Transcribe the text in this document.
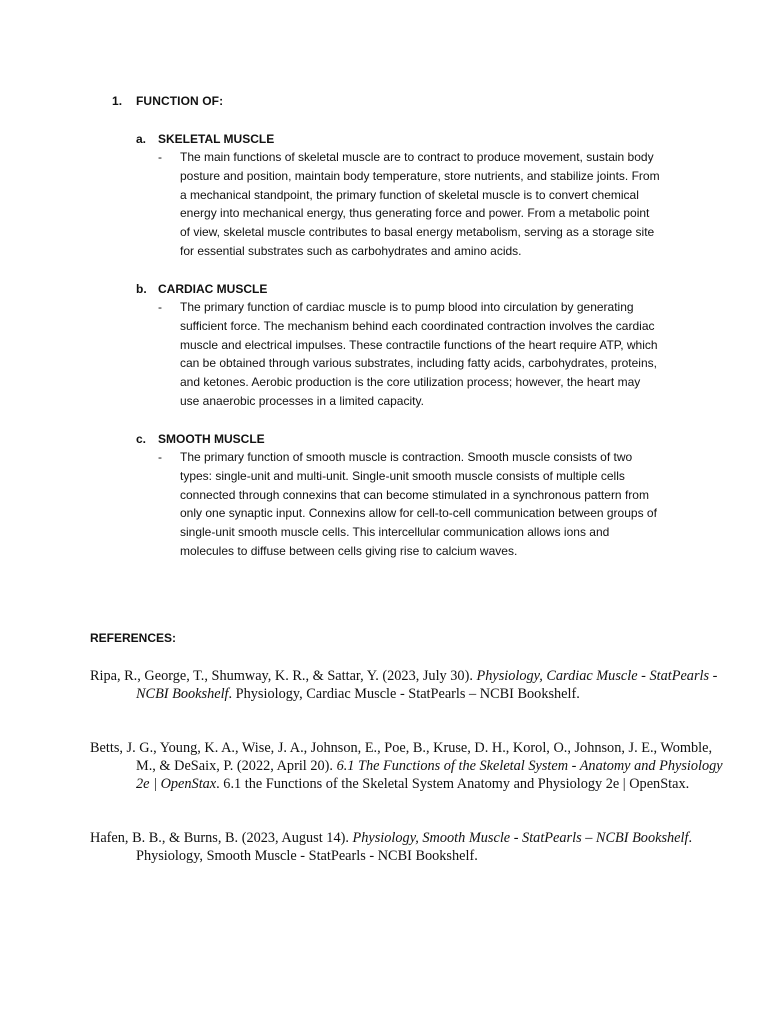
1. FUNCTION OF:
a. SKELETAL MUSCLE
- The main functions of skeletal muscle are to contract to produce movement, sustain body posture and position, maintain body temperature, store nutrients, and stabilize joints. From a mechanical standpoint, the primary function of skeletal muscle is to convert chemical energy into mechanical energy, thus generating force and power. From a metabolic point of view, skeletal muscle contributes to basal energy metabolism, serving as a storage site for essential substrates such as carbohydrates and amino acids.
b. CARDIAC MUSCLE
- The primary function of cardiac muscle is to pump blood into circulation by generating sufficient force. The mechanism behind each coordinated contraction involves the cardiac muscle and electrical impulses. These contractile functions of the heart require ATP, which can be obtained through various substrates, including fatty acids, carbohydrates, proteins, and ketones. Aerobic production is the core utilization process; however, the heart may use anaerobic processes in a limited capacity.
c. SMOOTH MUSCLE
- The primary function of smooth muscle is contraction. Smooth muscle consists of two types: single-unit and multi-unit. Single-unit smooth muscle consists of multiple cells connected through connexins that can become stimulated in a synchronous pattern from only one synaptic input. Connexins allow for cell-to-cell communication between groups of single-unit smooth muscle cells. This intercellular communication allows ions and molecules to diffuse between cells giving rise to calcium waves.
REFERENCES:
Ripa, R., George, T., Shumway, K. R., & Sattar, Y. (2023, July 30). Physiology, Cardiac Muscle - StatPearls - NCBI Bookshelf. Physiology, Cardiac Muscle - StatPearls – NCBI Bookshelf.
Betts, J. G., Young, K. A., Wise, J. A., Johnson, E., Poe, B., Kruse, D. H., Korol, O., Johnson, J. E., Womble, M., & DeSaix, P. (2022, April 20). 6.1 The Functions of the Skeletal System - Anatomy and Physiology 2e | OpenStax. 6.1 the Functions of the Skeletal System Anatomy and Physiology 2e | OpenStax.
Hafen, B. B., & Burns, B. (2023, August 14). Physiology, Smooth Muscle - StatPearls – NCBI Bookshelf. Physiology, Smooth Muscle - StatPearls - NCBI Bookshelf.
